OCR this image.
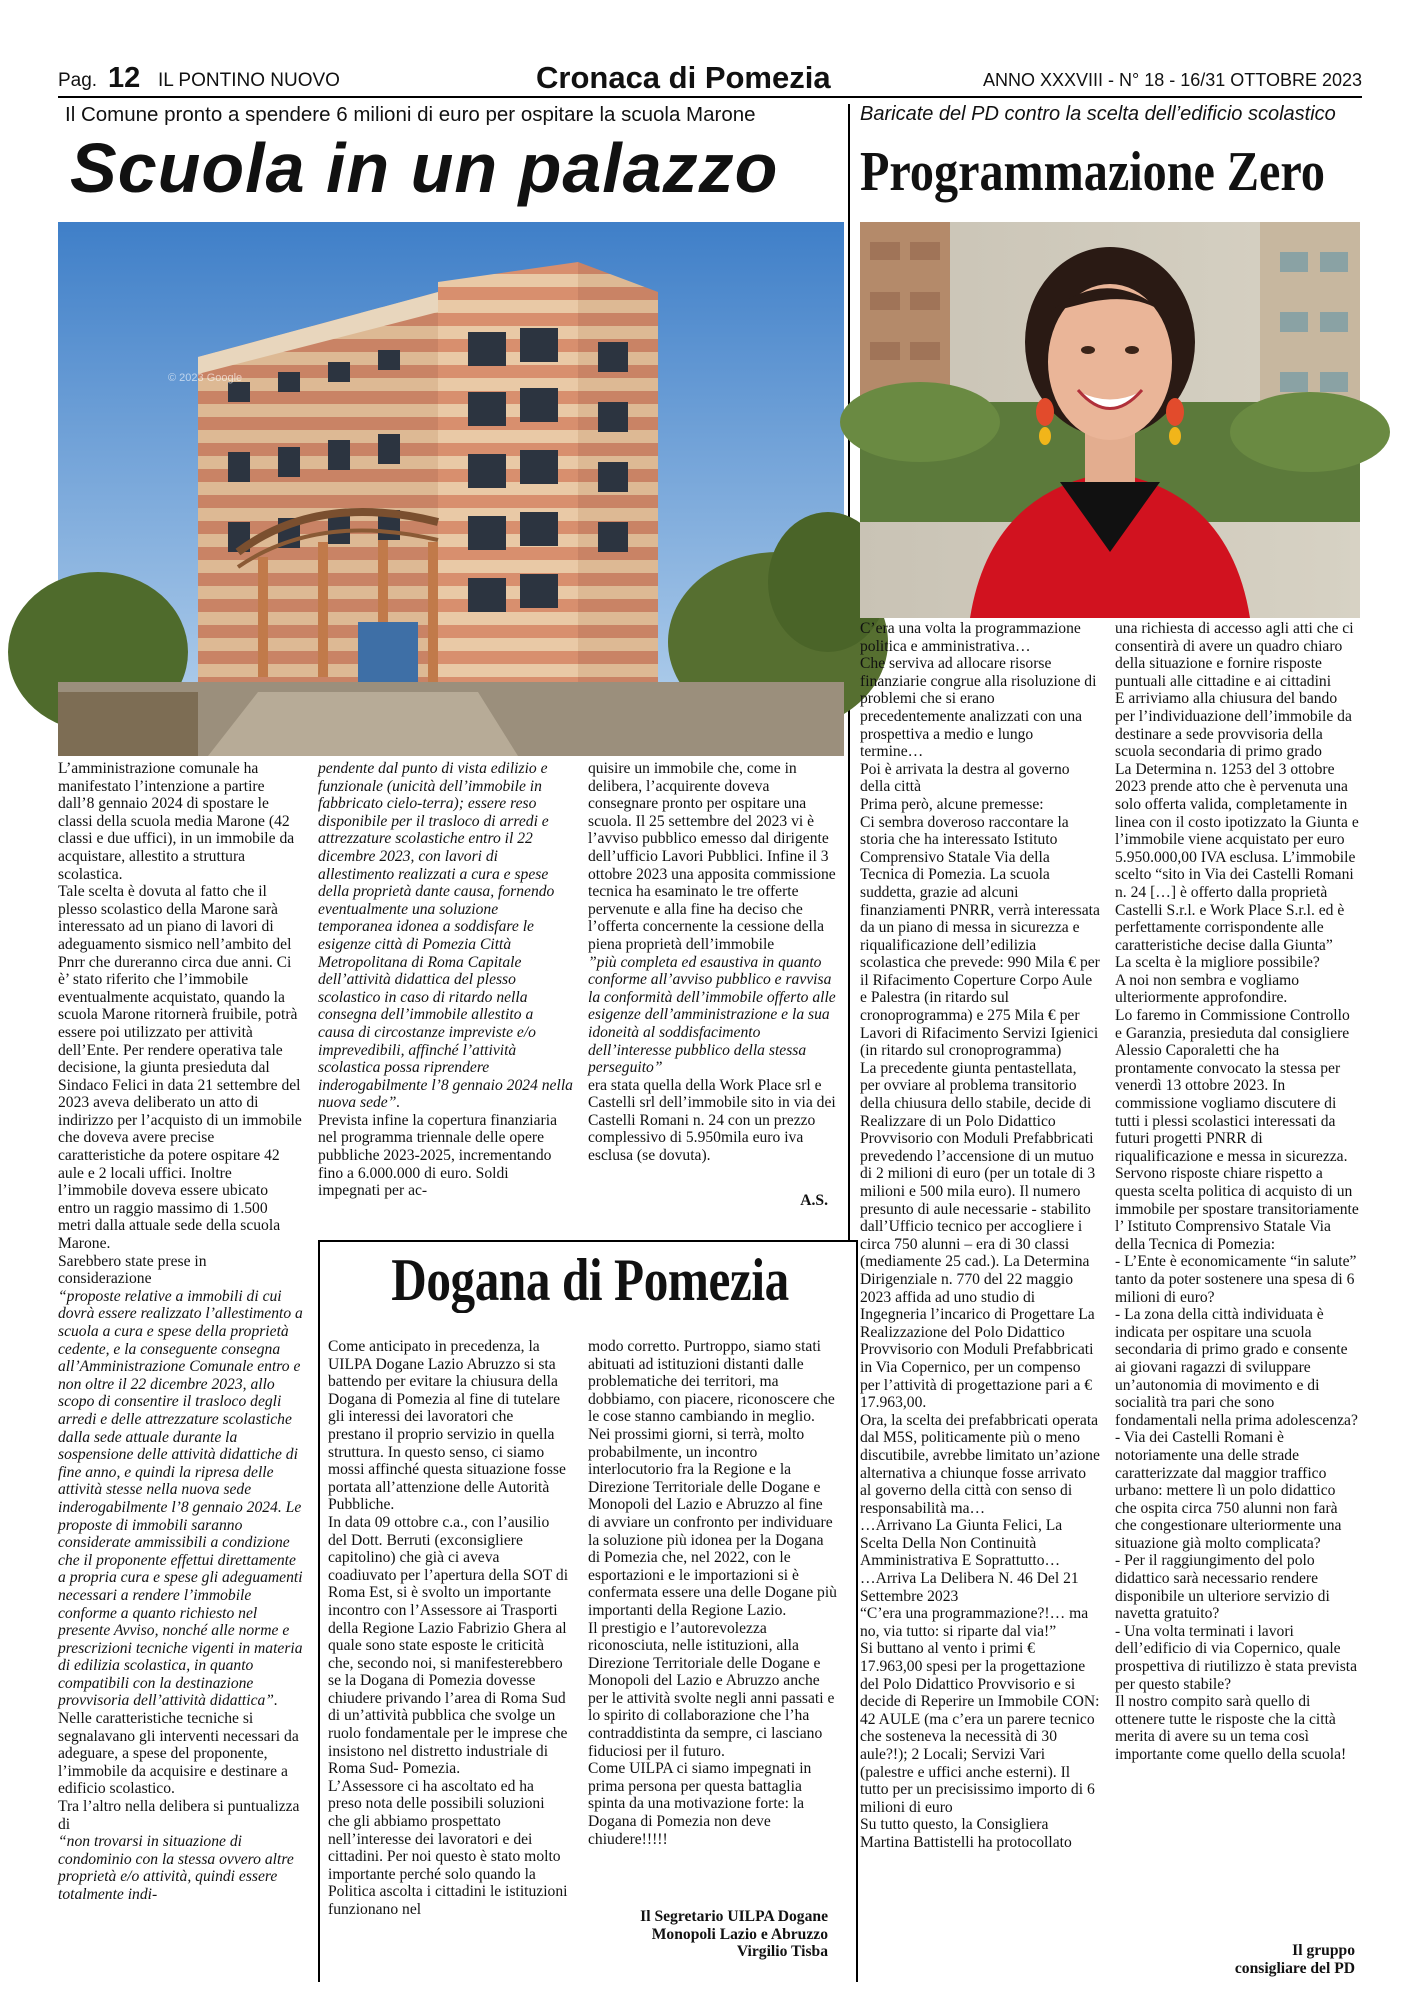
Pag. 12 IL PONTINO NUOVO	Cronaca di Pomezia	ANNO XXXVIII - N° 18 - 16/31 OTTOBRE 2023
Il Comune pronto a spendere 6 milioni di euro per ospitare la scuola Marone
Scuola in un palazzo
© 2023 Google

L’amministrazione comunale ha manifestato l’intenzione a partire dall’8 gennaio 2024 di spostare le classi della scuola media Marone (42 classi e due uffici), in un immobile da acquistare, allestito a struttura scolastica.
Tale scelta è dovuta al fatto che il plesso scolastico della Marone sarà interessato ad un piano di lavori di adeguamento sismico nell’ambito del Pnrr che dureranno circa due anni. Ci è’ stato riferito che l’immobile eventualmente acquistato, quando la scuola Marone ritornerà fruibile, potrà essere poi utilizzato per attività dell’Ente. Per rendere operativa tale decisione, la giunta presieduta dal Sindaco Felici in data 21 settembre del 2023 aveva deliberato un atto di indirizzo per l’acquisto di un immobile che doveva avere precise caratteristiche da potere ospitare 42 aule e 2 locali uffici. Inoltre l’immobile doveva essere ubicato entro un raggio massimo di 1.500 metri dalla attuale sede della scuola Marone.
Sarebbero state prese in considerazione

“proposte relative a immobili di cui dovrà essere realizzato l’allestimento a scuola a cura e spese della proprietà cedente, e la conseguente consegna all’Amministrazione Comunale entro e non oltre il 22 dicembre 2023, allo scopo di consentire il trasloco degli arredi e delle attrezzature scolastiche dalla sede attuale durante la sospensione delle attività didattiche di fine anno, e quindi la ripresa delle attività stesse nella nuova sede inderogabilmente l’8 gennaio 2024. Le proposte di immobili saranno considerate ammissibili a condizione che il proponente effettui direttamente a propria cura e spese gli adeguamenti necessari a rendere l’immobile conforme a quanto richiesto nel presente Avviso, nonché alle norme e prescrizioni tecniche vigenti in materia di edilizia scolastica, in quanto compatibili con la destinazione provvisoria dell’attività didattica”.

Nelle caratteristiche tecniche si segnalavano gli interventi necessari da adeguare, a spese del proponente, l’immobile da acquisire e destinare a edificio scolastico.
Tra l’altro nella delibera si puntualizza di

“non trovarsi in situazione di condominio con la stessa ovvero altre proprietà e/o attività, quindi essere totalmente indi-

pendente dal punto di vista edilizio e funzionale (unicità dell’immobile in fabbricato cielo-terra); essere reso disponibile per il trasloco di arredi e attrezzature scolastiche entro il 22 dicembre 2023, con lavori di allestimento realizzati a cura e spese della proprietà dante causa, fornendo eventualmente una soluzione temporanea idonea a soddisfare le esigenze città di Pomezia Città Metropolitana di Roma Capitale dell’attività didattica del plesso scolastico in caso di ritardo nella consegna dell’immobile allestito a causa di circostanze impreviste e/o imprevedibili, affinché l’attività scolastica possa riprendere inderogabilmente l’8 gennaio 2024 nella nuova sede”.

Prevista infine la copertura finanziaria nel programma triennale delle opere pubbliche 2023-2025, incrementando fino a 6.000.000 di euro. Soldi impegnati per ac-

quisire un immobile che, come in delibera, l’acquirente doveva consegnare pronto per ospitare una scuola. Il 25 settembre del 2023 vi è l’avviso pubblico emesso dal dirigente dell’ufficio Lavori Pubblici. Infine il 3 ottobre 2023 una apposita commissione tecnica ha esaminato le tre offerte pervenute e alla fine ha deciso che l’offerta concernente la cessione della piena proprietà dell’immobile

”più completa ed esaustiva in quanto conforme all’avviso pubblico e ravvisa la conformità dell’immobile offerto alle esigenze dell’amministrazione e la sua idoneità al soddisfacimento dell’interesse pubblico della stessa perseguito”

era stata quella della Work Place srl e Castelli srl dell’immobile sito in via dei Castelli Romani n. 24 con un prezzo complessivo di 5.950mila euro iva esclusa (se dovuta).

A.S.
Dogana di Pomezia

Come anticipato in precedenza, la UILPA Dogane Lazio Abruzzo si sta battendo per evitare la chiusura della Dogana di Pomezia al fine di tutelare gli interessi dei lavoratori che prestano il proprio servizio in quella struttura. In questo senso, ci siamo mossi affinché questa situazione fosse portata all’attenzione delle Autorità Pubbliche.
In data 09 ottobre c.a., con l’ausilio del Dott. Berruti (exconsigliere capitolino) che già ci aveva coadiuvato per l’apertura della SOT di Roma Est, si è svolto un importante incontro con l’Assessore ai Trasporti della Regione Lazio Fabrizio Ghera al quale sono state esposte le criticità che, secondo noi, si manifesterebbero se la Dogana di Pomezia dovesse chiudere privando l’area di Roma Sud di un’attività pubblica che svolge un ruolo fondamentale per le imprese che insistono nel distretto industriale di Roma Sud- Pomezia.
L’Assessore ci ha ascoltato ed ha preso nota delle possibili soluzioni che gli abbiamo prospettato nell’interesse dei lavoratori e dei cittadini. Per noi questo è stato molto importante perché solo quando la Politica ascolta i cittadini le istituzioni funzionano nel

modo corretto. Purtroppo, siamo stati abituati ad istituzioni distanti dalle problematiche dei territori, ma dobbiamo, con piacere, riconoscere che le cose stanno cambiando in meglio.
Nei prossimi giorni, si terrà, molto probabilmente, un incontro interlocutorio fra la Regione e la Direzione Territoriale delle Dogane e Monopoli del Lazio e Abruzzo al fine di avviare un confronto per individuare la soluzione più idonea per la Dogana di Pomezia che, nel 2022, con le esportazioni e le importazioni si è confermata essere una delle Dogane più importanti della Regione Lazio.
Il prestigio e l’autorevolezza riconosciuta, nelle istituzioni, alla Direzione Territoriale delle Dogane e Monopoli del Lazio e Abruzzo anche per le attività svolte negli anni passati e lo spirito di collaborazione che l’ha contraddistinta da sempre, ci lasciano fiduciosi per il futuro.
Come UILPA ci siamo impegnati in prima persona per questa battaglia spinta da una motivazione forte: la Dogana di Pomezia non deve chiudere!!!!!

Il Segretario UILPA Dogane
Monopoli Lazio e Abruzzo
Virgilio Tisba
Baricate del PD contro la scelta dell’edificio scolastico
Programmazione Zero

C’era una volta la programmazione politica e amministrativa…
Che serviva ad allocare risorse finanziarie congrue alla risoluzione di problemi che si erano precedentemente analizzati con una prospettiva a medio e lungo termine…
Poi è arrivata la destra al governo della città
Prima però, alcune premesse:
Ci sembra doveroso raccontare la storia che ha interessato Istituto Comprensivo Statale Via della Tecnica di Pomezia. La scuola suddetta, grazie ad alcuni finanziamenti PNRR, verrà interessata da un piano di messa in sicurezza e riqualificazione dell’edilizia scolastica che prevede: 990 Mila € per il Rifacimento Coperture Corpo Aule e Palestra (in ritardo sul cronoprogramma) e 275 Mila € per Lavori di Rifacimento Servizi Igienici (in ritardo sul cronoprogramma)
La precedente giunta pentastellata, per ovviare al problema transitorio della chiusura dello stabile, decide di Realizzare di un Polo Didattico Provvisorio con Moduli Prefabbricati prevedendo l’accensione di un mutuo di 2 milioni di euro (per un totale di 3 milioni e 500 mila euro). Il numero presunto di aule necessarie - stabilito dall’Ufficio tecnico per accogliere i circa 750 alunni – era di 30 classi (mediamente 25 cad.). La Determina Dirigenziale n. 770 del 22 maggio 2023 affida ad uno studio di Ingegneria l’incarico di Progettare La Realizzazione del Polo Didattico Provvisorio con Moduli Prefabbricati in Via Copernico, per un compenso per l’attività di progettazione pari a € 17.963,00.
Ora, la scelta dei prefabbricati operata dal M5S, politicamente più o meno discutibile, avrebbe limitato un’azione alternativa a chiunque fosse arrivato al governo della città con senso di responsabilità ma…
…Arrivano La Giunta Felici, La Scelta Della Non Continuità Amministrativa E Soprattutto…
…Arriva La Delibera N. 46 Del 21 Settembre 2023
“C’era una programmazione?!… ma no, via tutto: si riparte dal via!”
Si buttano al vento i primi € 17.963,00 spesi per la progettazione del Polo Didattico Provvisorio e si decide di Reperire un Immobile CON: 42 AULE (ma c’era un parere tecnico che sosteneva la necessità di 30 aule?!); 2 Locali; Servizi Vari (palestre e uffici anche esterni). Il tutto per un precisissimo importo di 6 milioni di euro
Su tutto questo, la Consigliera Martina Battistelli ha protocollato

una richiesta di accesso agli atti che ci consentirà di avere un quadro chiaro della situazione e fornire risposte puntuali alle cittadine e ai cittadini
E arriviamo alla chiusura del bando per l’individuazione dell’immobile da destinare a sede provvisoria della scuola secondaria di primo grado
La Determina n. 1253 del 3 ottobre 2023 prende atto che è pervenuta una solo offerta valida, completamente in linea con il costo ipotizzato la Giunta e l’immobile viene acquistato per euro 5.950.000,00 IVA esclusa. L’immobile scelto “sito in Via dei Castelli Romani n. 24 […] è offerto dalla proprietà Castelli S.r.l. e Work Place S.r.l. ed è perfettamente corrispondente alle caratteristiche decise dalla Giunta”
La scelta è la migliore possibile?
A noi non sembra e vogliamo ulteriormente approfondire.
Lo faremo in Commissione Controllo e Garanzia, presieduta dal consigliere Alessio Caporaletti che ha prontamente convocato la stessa per venerdì 13 ottobre 2023. In commissione vogliamo discutere di tutti i plessi scolastici interessati da futuri progetti PNRR di riqualificazione e messa in sicurezza.
Servono risposte chiare rispetto a questa scelta politica di acquisto di un immobile per spostare transitoriamente l’ Istituto Comprensivo Statale Via della Tecnica di Pomezia:
- L’Ente è economicamente “in salute” tanto da poter sostenere una spesa di 6 milioni di euro?
- La zona della città individuata è indicata per ospitare una scuola secondaria di primo grado e consente ai giovani ragazzi di sviluppare un’autonomia di movimento e di socialità tra pari che sono fondamentali nella prima adolescenza?
- Via dei Castelli Romani è notoriamente una delle strade caratterizzate dal maggior traffico urbano: mettere lì un polo didattico che ospita circa 750 alunni non farà che congestionare ulteriormente una situazione già molto complicata?
- Per il raggiungimento del polo didattico sarà necessario rendere disponibile un ulteriore servizio di navetta gratuito?
- Una volta terminati i lavori dell’edificio di via Copernico, quale prospettiva di riutilizzo è stata prevista per questo stabile?
Il nostro compito sarà quello di ottenere tutte le risposte che la città merita di avere su un tema così importante come quello della scuola!

Il gruppo
consigliare del PD
